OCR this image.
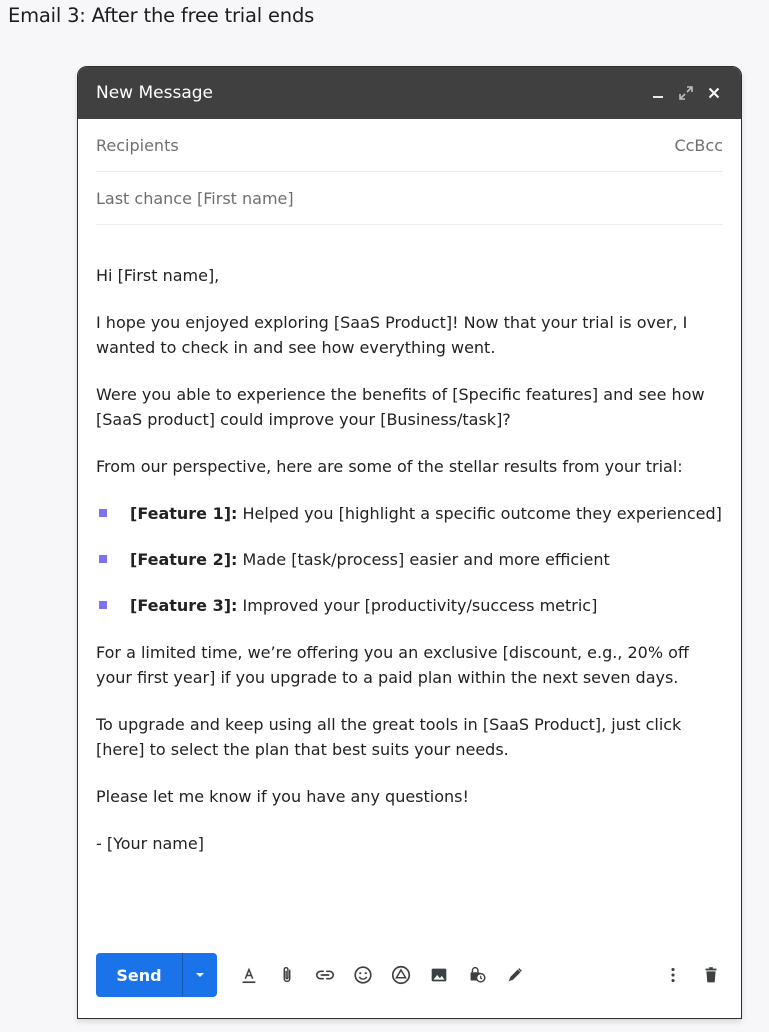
Email 3: After the free trial ends
New Message
Recipients	CcBcc
Last chance [First name]

Hi [First name],

I hope you enjoyed exploring [SaaS Product]! Now that your trial is over, I wanted to check in and see how everything went.

Were you able to experience the benefits of [Specific features] and see how [SaaS product] could improve your [Business/task]?

From our perspective, here are some of the stellar results from your trial:

[Feature 1]: Helped you [highlight a specific outcome they experienced]
[Feature 2]: Made [task/process] easier and more efficient
[Feature 3]: Improved your [productivity/success metric]

For a limited time, we’re offering you an exclusive [discount, e.g., 20% off your first year] if you upgrade to a paid plan within the next seven days.

To upgrade and keep using all the great tools in [SaaS Product], just click [here] to select the plan that best suits your needs.

Please let me know if you have any questions!

- [Your name]

Send
